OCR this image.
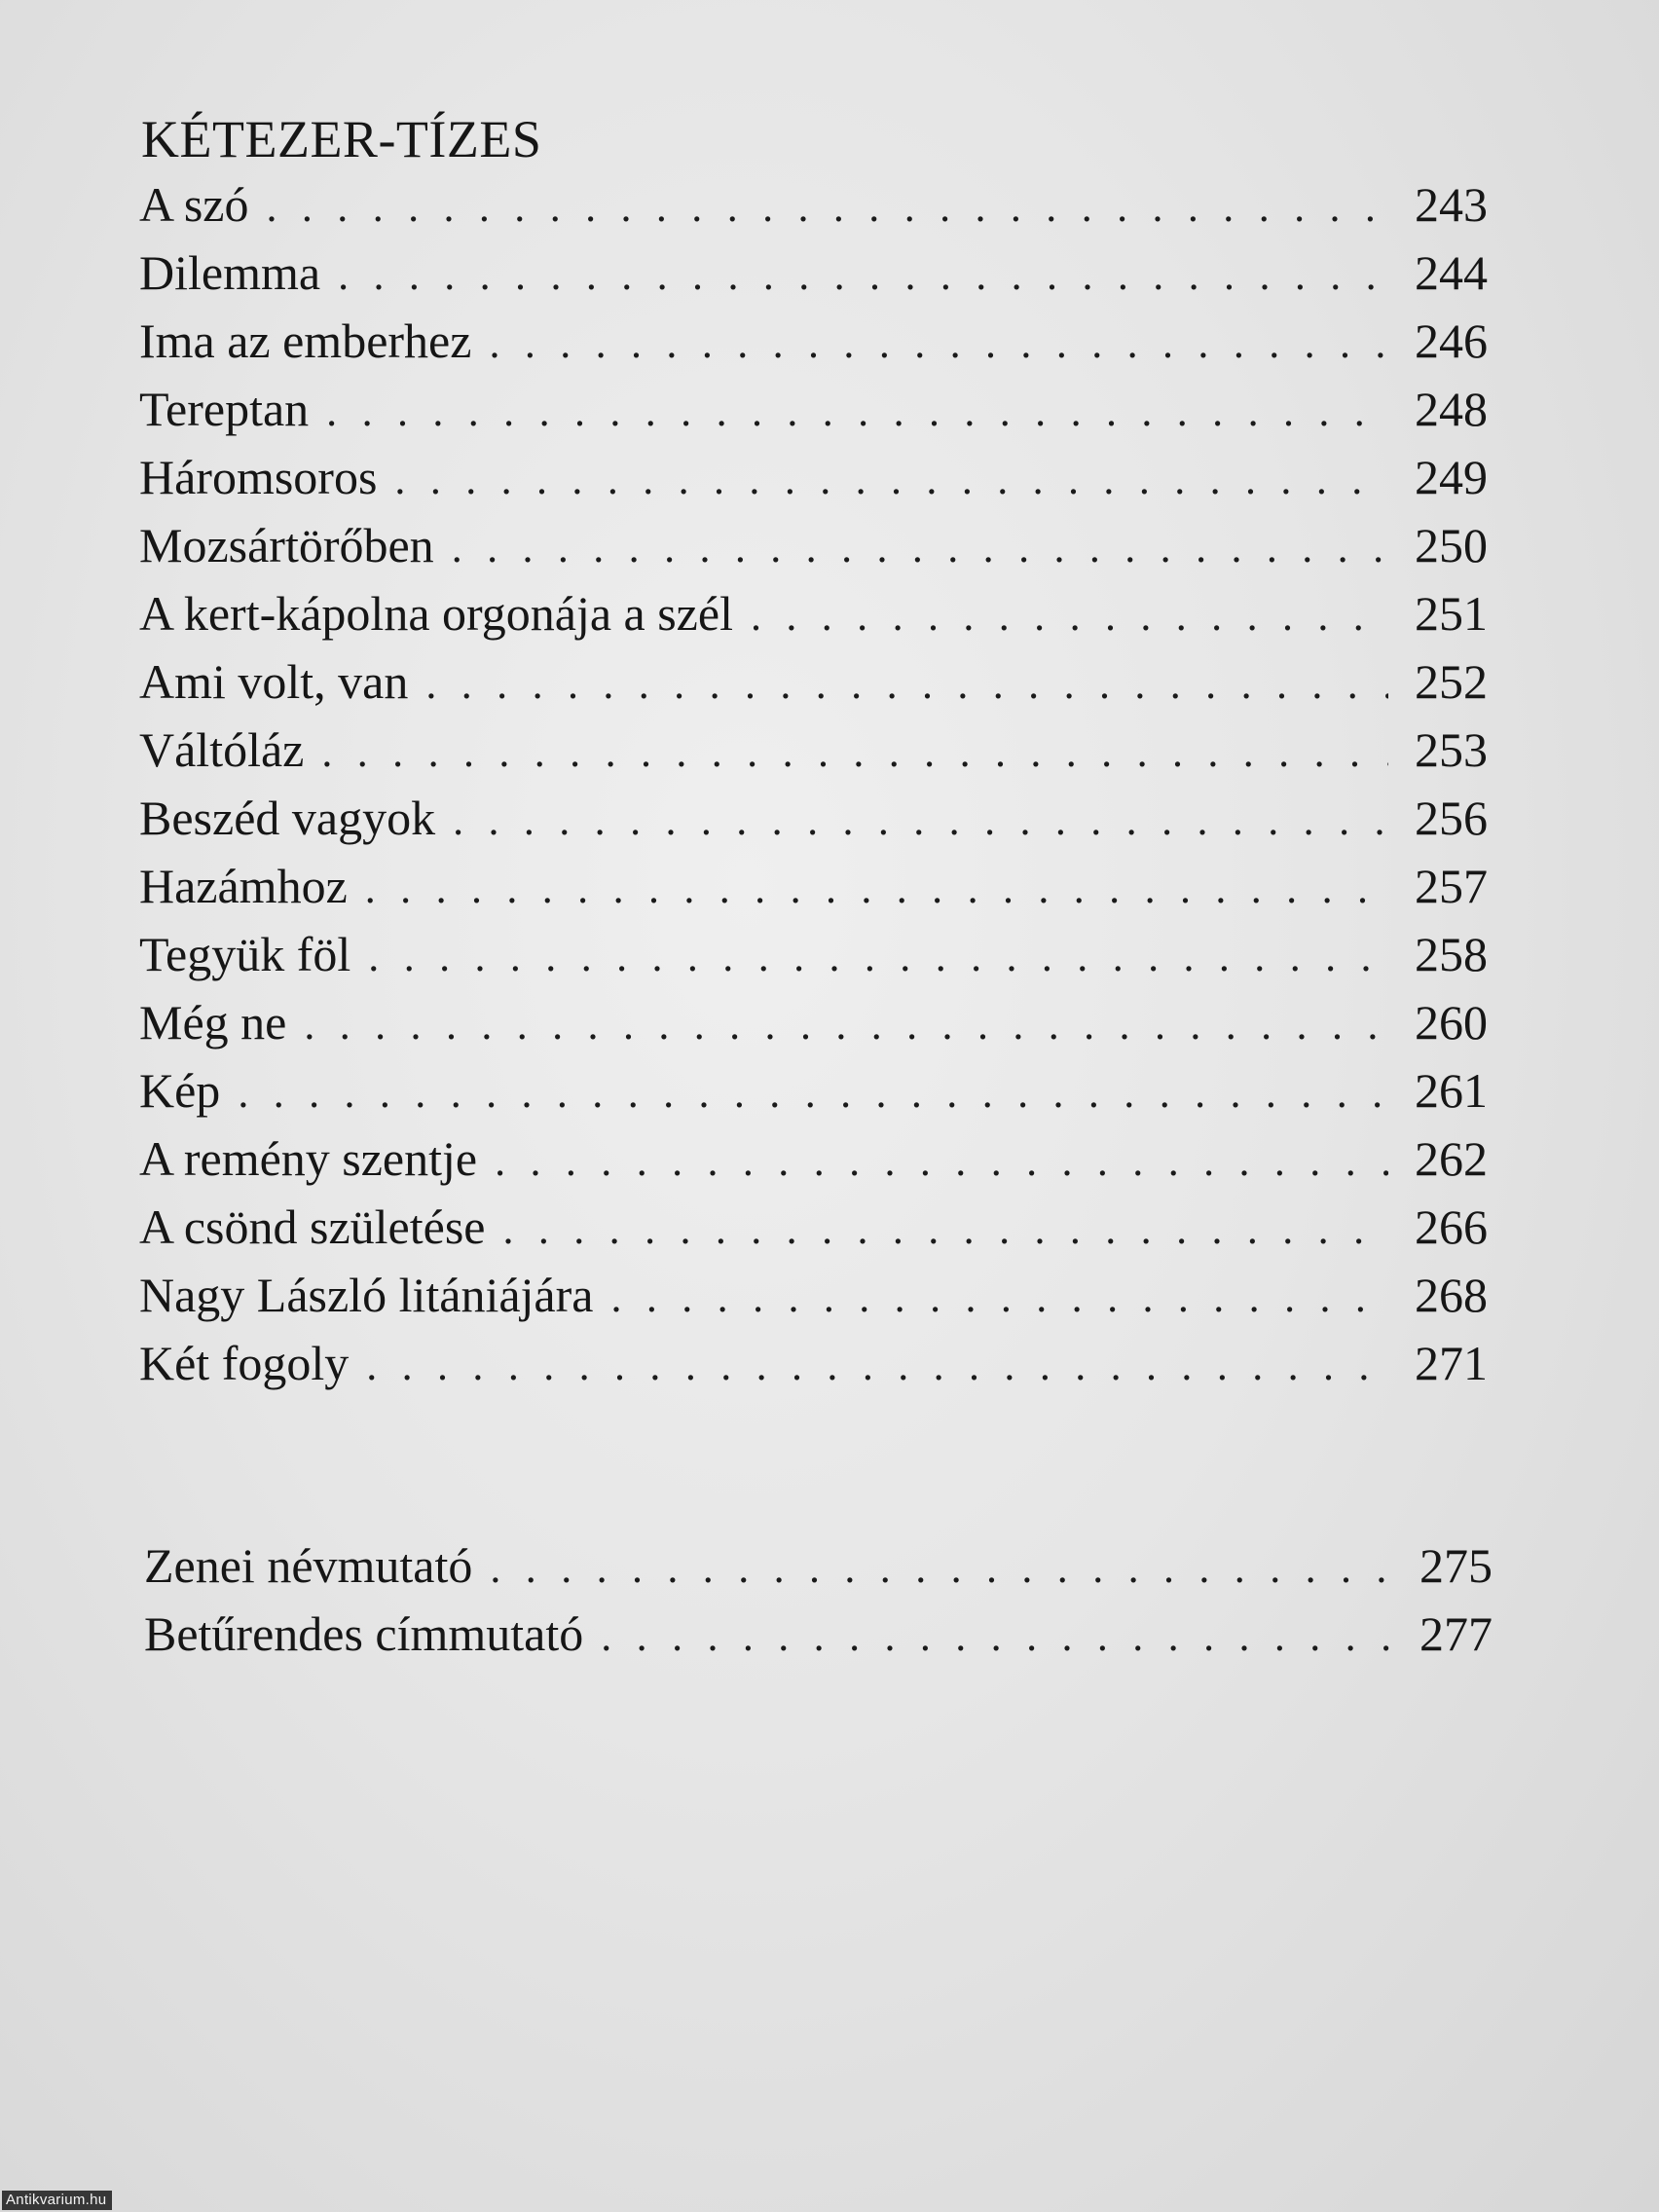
KÉTEZER-TÍZES
A szó . . .	243
Dilemma . . .	244
Ima az emberhez . . .	246
Tereptan . . .	248
Háromsoros . . .	249
Mozsártörőben . . .	250
A kert-kápolna orgonája a szél . . .	251
Ami volt, van . . .	252
Váltóláz . . .	253
Beszéd vagyok . . .	256
Hazámhoz . . .	257
Tegyük föl . . .	258
Még ne . . .	260
Kép . . .	261
A remény szentje . . .	262
A csönd születése . . .	266
Nagy László litániájára . . .	268
Két fogoly . . .	271
Zenei névmutató . . .	275
Betűrendes címmutató . . .	277
Antikvarium.hu
